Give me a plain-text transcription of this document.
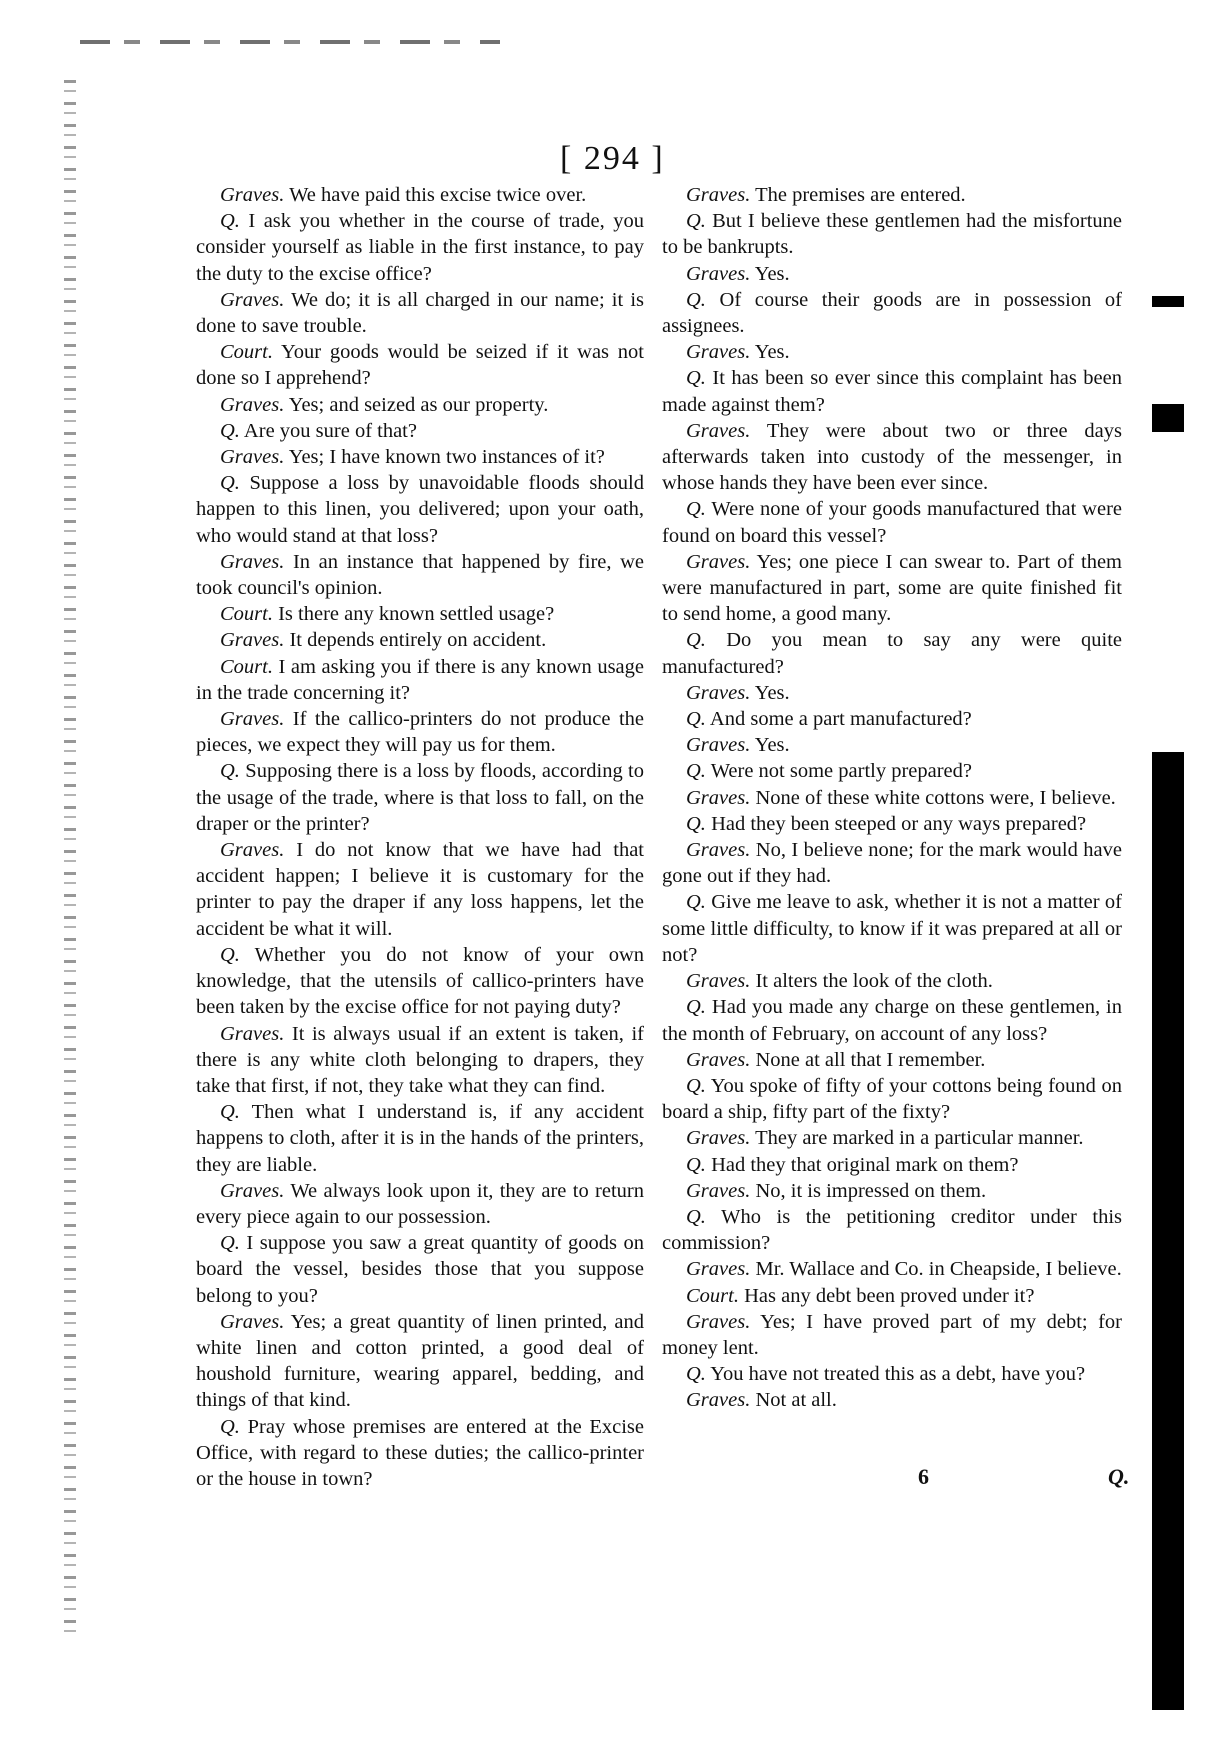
[ 294 ]

Graves. We have paid this excise twice over.

Q. I ask you whether in the course of trade, you consider yourself as liable in the first instance, to pay the duty to the excise office?

Graves. We do; it is all charged in our name; it is done to save trouble.

Court. Your goods would be seized if it was not done so I apprehend?

Graves. Yes; and seized as our property.

Q. Are you sure of that?

Graves. Yes; I have known two instances of it?

Q. Suppose a loss by unavoidable floods should happen to this linen, you delivered; upon your oath, who would stand at that loss?

Graves. In an instance that happened by fire, we took council's opinion.

Court. Is there any known settled usage?

Graves. It depends entirely on accident.

Court. I am asking you if there is any known usage in the trade concerning it?

Graves. If the callico-printers do not produce the pieces, we expect they will pay us for them.

Q. Supposing there is a loss by floods, according to the usage of the trade, where is that loss to fall, on the draper or the printer?

Graves. I do not know that we have had that accident happen; I believe it is customary for the printer to pay the draper if any loss happens, let the accident be what it will.

Q. Whether you do not know of your own knowledge, that the utensils of callico-printers have been taken by the excise office for not paying duty?

Graves. It is always usual if an extent is taken, if there is any white cloth belonging to drapers, they take that first, if not, they take what they can find.

Q. Then what I understand is, if any accident happens to cloth, after it is in the hands of the printers, they are liable.

Graves. We always look upon it, they are to return every piece again to our possession.

Q. I suppose you saw a great quantity of goods on board the vessel, besides those that you suppose belong to you?

Graves. Yes; a great quantity of linen printed, and white linen and cotton printed, a good deal of houshold furniture, wearing apparel, bedding, and things of that kind.

Q. Pray whose premises are entered at the Excise Office, with regard to these duties; the callico-printer or the house in town?

Graves. The premises are entered.

Q. But I believe these gentlemen had the misfortune to be bankrupts.

Graves. Yes.

Q. Of course their goods are in possession of assignees.

Graves. Yes.

Q. It has been so ever since this complaint has been made against them?

Graves. They were about two or three days afterwards taken into custody of the messenger, in whose hands they have been ever since.

Q. Were none of your goods manufactured that were found on board this vessel?

Graves. Yes; one piece I can swear to. Part of them were manufactured in part, some are quite finished fit to send home, a good many.

Q. Do you mean to say any were quite manufactured?

Graves. Yes.

Q. And some a part manufactured?

Graves. Yes.

Q. Were not some partly prepared?

Graves. None of these white cottons were, I believe.

Q. Had they been steeped or any ways prepared?

Graves. No, I believe none; for the mark would have gone out if they had.

Q. Give me leave to ask, whether it is not a matter of some little difficulty, to know if it was prepared at all or not?

Graves. It alters the look of the cloth.

Q. Had you made any charge on these gentlemen, in the month of February, on account of any loss?

Graves. None at all that I remember.

Q. You spoke of fifty of your cottons being found on board a ship, fifty part of the fixty?

Graves. They are marked in a particular manner.

Q. Had they that original mark on them?

Graves. No, it is impressed on them.

Q. Who is the petitioning creditor under this commission?

Graves. Mr. Wallace and Co. in Cheapside, I believe.

Court. Has any debt been proved under it?

Graves. Yes; I have proved part of my debt; for money lent.

Q. You have not treated this as a debt, have you?

Graves. Not at all.

6	Q.
